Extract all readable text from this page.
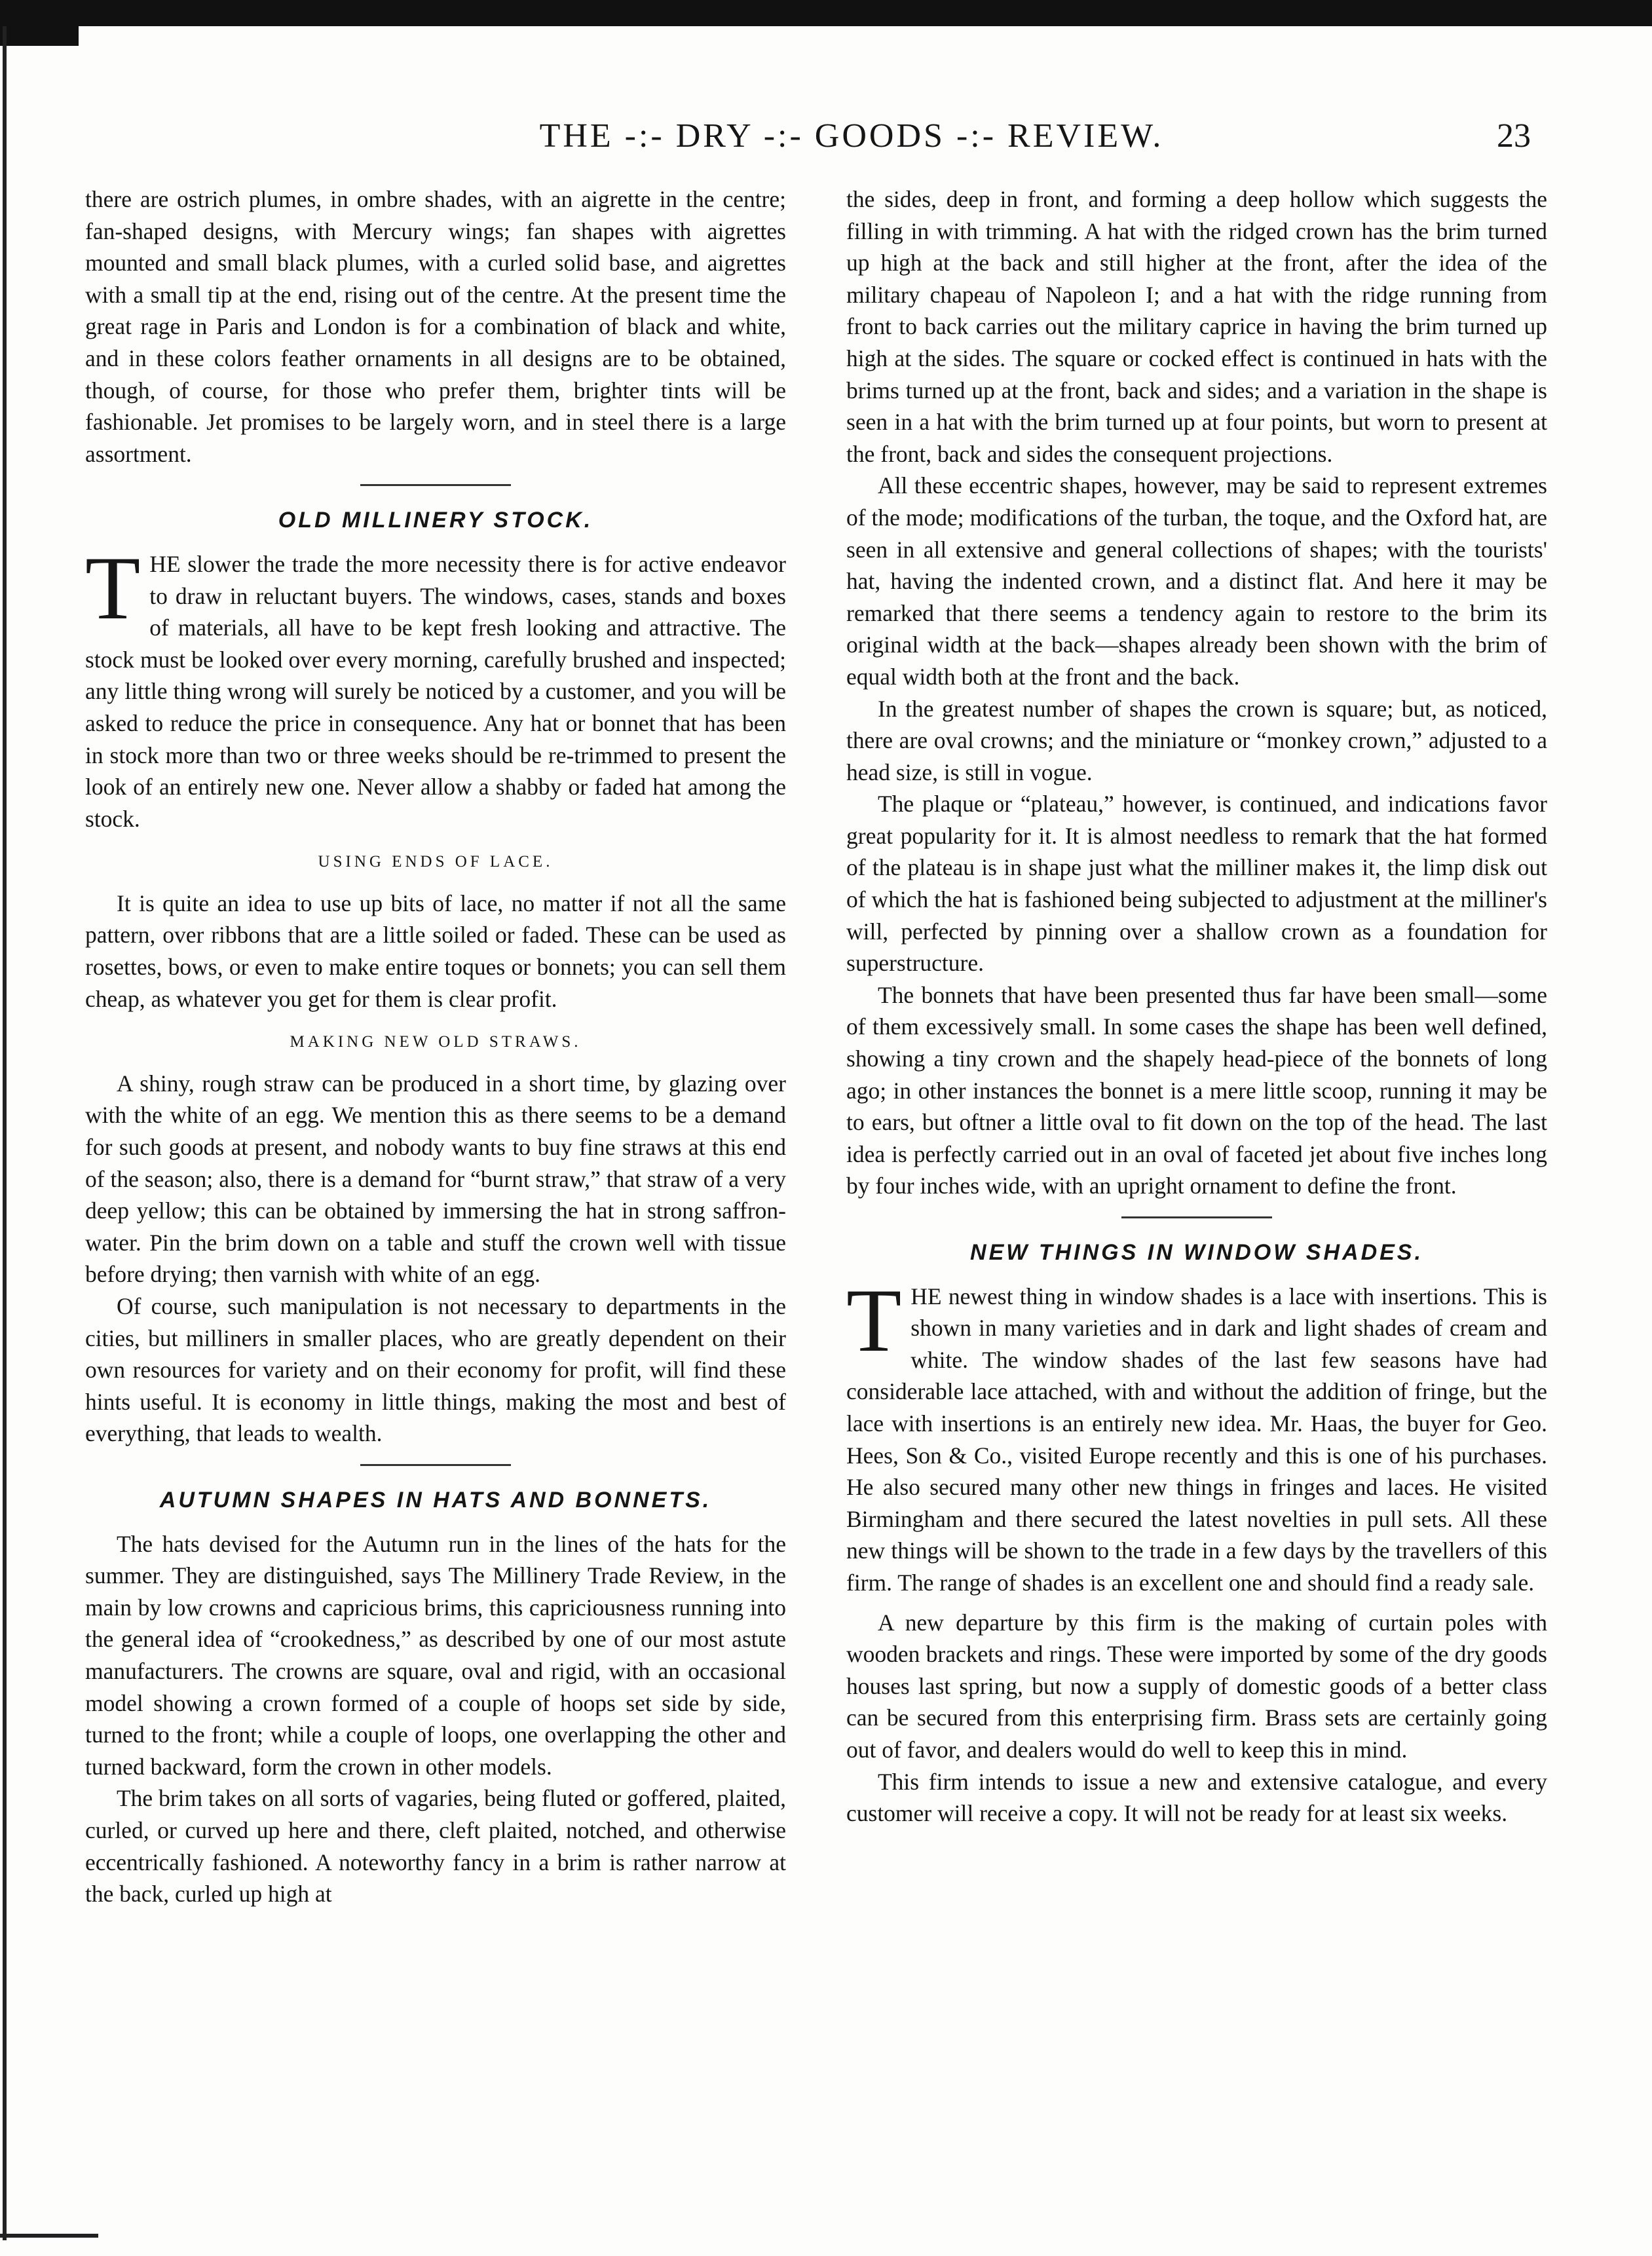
THE -:- DRY -:- GOODS -:- REVIEW.	23

there are ostrich plumes, in ombre shades, with an aigrette in the centre; fan-shaped designs, with Mercury wings; fan shapes with aigrettes mounted and small black plumes, with a curled solid base, and aigrettes with a small tip at the end, rising out of the centre. At the present time the great rage in Paris and London is for a combination of black and white, and in these colors feather ornaments in all designs are to be obtained, though, of course, for those who prefer them, brighter tints will be fashionable. Jet promises to be largely worn, and in steel there is a large assortment.

OLD MILLINERY STOCK.
T HE slower the trade the more necessity there is for active endeavor to draw in reluctant buyers. The windows, cases, stands and boxes of materials, all have to be kept fresh looking and attractive. The stock must be looked over every morning, carefully brushed and inspected; any little thing wrong will surely be noticed by a customer, and you will be asked to reduce the price in consequence. Any hat or bonnet that has been in stock more than two or three weeks should be re-trimmed to present the look of an entirely new one. Never allow a shabby or faded hat among the stock.
USING ENDS OF LACE.

It is quite an idea to use up bits of lace, no matter if not all the same pattern, over ribbons that are a little soiled or faded. These can be used as rosettes, bows, or even to make entire toques or bonnets; you can sell them cheap, as whatever you get for them is clear profit.

MAKING NEW OLD STRAWS.

A shiny, rough straw can be produced in a short time, by glazing over with the white of an egg. We mention this as there seems to be a demand for such goods at present, and nobody wants to buy fine straws at this end of the season; also, there is a demand for “burnt straw,” that straw of a very deep yellow; this can be obtained by immersing the hat in strong saffron-water. Pin the brim down on a table and stuff the crown well with tissue before drying; then varnish with white of an egg.

Of course, such manipulation is not necessary to departments in the cities, but milliners in smaller places, who are greatly dependent on their own resources for variety and on their economy for profit, will find these hints useful. It is economy in little things, making the most and best of everything, that leads to wealth.

AUTUMN SHAPES IN HATS AND BONNETS.

The hats devised for the Autumn run in the lines of the hats for the summer. They are distinguished, says The Millinery Trade Review, in the main by low crowns and capricious brims, this capriciousness running into the general idea of “crookedness,” as described by one of our most astute manufacturers. The crowns are square, oval and rigid, with an occasional model showing a crown formed of a couple of hoops set side by side, turned to the front; while a couple of loops, one overlapping the other and turned backward, form the crown in other models.

The brim takes on all sorts of vagaries, being fluted or goffered, plaited, curled, or curved up here and there, cleft plaited, notched, and otherwise eccentrically fashioned. A noteworthy fancy in a brim is rather narrow at the back, curled up high at

the sides, deep in front, and forming a deep hollow which suggests the filling in with trimming. A hat with the ridged crown has the brim turned up high at the back and still higher at the front, after the idea of the military chapeau of Napoleon I; and a hat with the ridge running from front to back carries out the military caprice in having the brim turned up high at the sides. The square or cocked effect is continued in hats with the brims turned up at the front, back and sides; and a variation in the shape is seen in a hat with the brim turned up at four points, but worn to present at the front, back and sides the consequent projections.

All these eccentric shapes, however, may be said to represent extremes of the mode; modifications of the turban, the toque, and the Oxford hat, are seen in all extensive and general collections of shapes; with the tourists' hat, having the indented crown, and a distinct flat. And here it may be remarked that there seems a tendency again to restore to the brim its original width at the back—shapes already been shown with the brim of equal width both at the front and the back.

In the greatest number of shapes the crown is square; but, as noticed, there are oval crowns; and the miniature or “monkey crown,” adjusted to a head size, is still in vogue.

The plaque or “plateau,” however, is continued, and indications favor great popularity for it. It is almost needless to remark that the hat formed of the plateau is in shape just what the milliner makes it, the limp disk out of which the hat is fashioned being subjected to adjustment at the milliner's will, perfected by pinning over a shallow crown as a foundation for superstructure.

The bonnets that have been presented thus far have been small—some of them excessively small. In some cases the shape has been well defined, showing a tiny crown and the shapely head-piece of the bonnets of long ago; in other instances the bonnet is a mere little scoop, running it may be to ears, but oftner a little oval to fit down on the top of the head. The last idea is perfectly carried out in an oval of faceted jet about five inches long by four inches wide, with an upright ornament to define the front.

NEW THINGS IN WINDOW SHADES.
T HE newest thing in window shades is a lace with insertions. This is shown in many varieties and in dark and light shades of cream and white. The window shades of the last few seasons have had considerable lace attached, with and without the addition of fringe, but the lace with insertions is an entirely new idea. Mr. Haas, the buyer for Geo. Hees, Son & Co., visited Europe recently and this is one of his purchases. He also secured many other new things in fringes and laces. He visited Birmingham and there secured the latest novelties in pull sets. All these new things will be shown to the trade in a few days by the travellers of this firm. The range of shades is an excellent one and should find a ready sale.

A new departure by this firm is the making of curtain poles with wooden brackets and rings. These were imported by some of the dry goods houses last spring, but now a supply of domestic goods of a better class can be secured from this enterprising firm. Brass sets are certainly going out of favor, and dealers would do well to keep this in mind.

This firm intends to issue a new and extensive catalogue, and every customer will receive a copy. It will not be ready for at least six weeks.
